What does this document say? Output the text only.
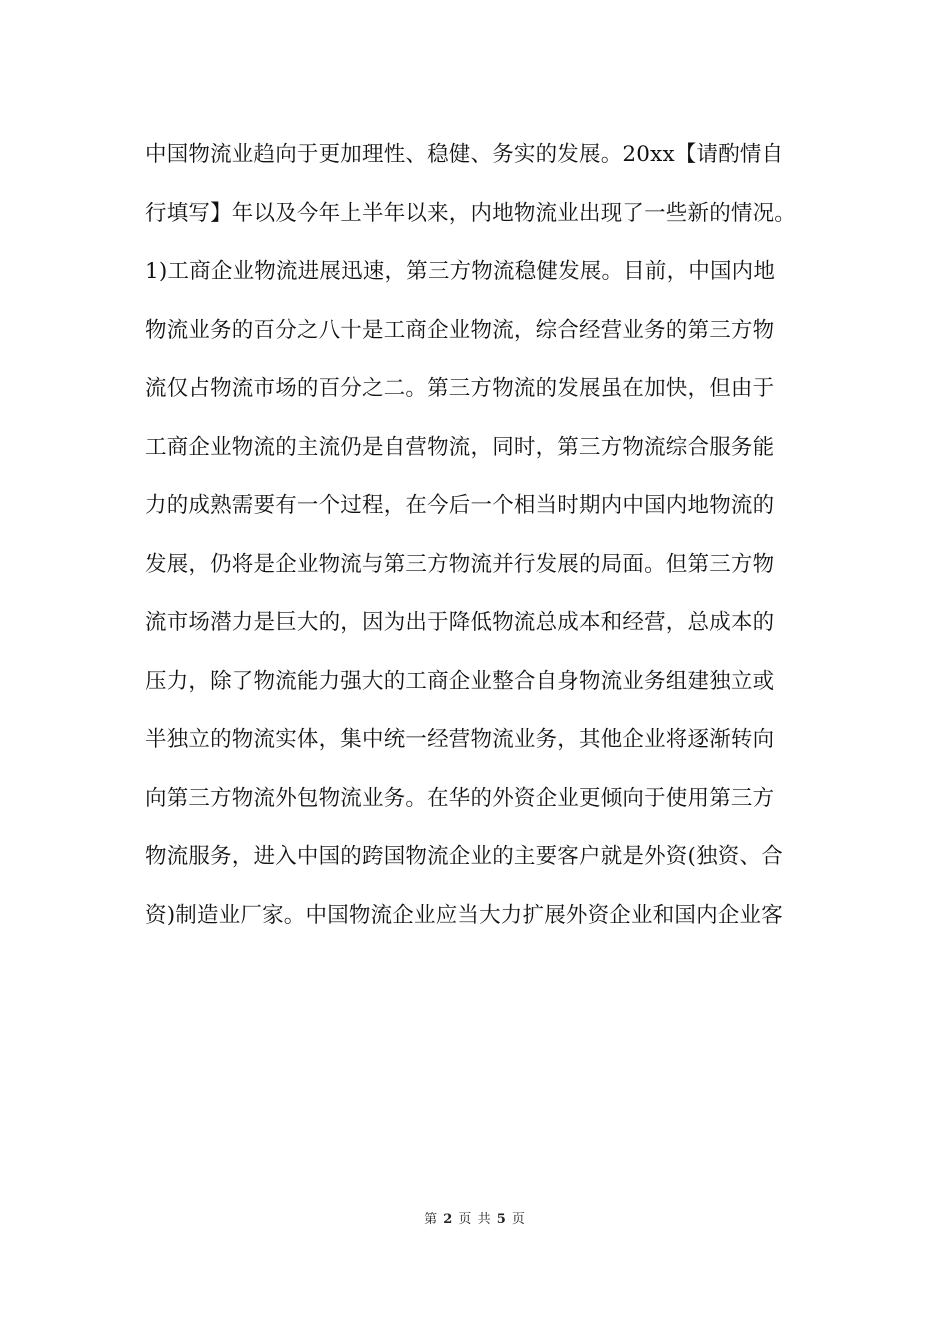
中国物流业趋向于更加理性、稳健、务实的发展。20xx【请酌情自
行填写】年以及今年上半年以来，内地物流业出现了一些新的情况。
1)工商企业物流进展迅速，第三方物流稳健发展。目前，中国内地
物流业务的百分之八十是工商企业物流，综合经营业务的第三方物
流仅占物流市场的百分之二。第三方物流的发展虽在加快，但由于
工商企业物流的主流仍是自营物流，同时，第三方物流综合服务能
力的成熟需要有一个过程，在今后一个相当时期内中国内地物流的
发展，仍将是企业物流与第三方物流并行发展的局面。但第三方物
流市场潜力是巨大的，因为出于降低物流总成本和经营，总成本的
压力，除了物流能力强大的工商企业整合自身物流业务组建独立或
半独立的物流实体，集中统一经营物流业务，其他企业将逐渐转向
向第三方物流外包物流业务。在华的外资企业更倾向于使用第三方
物流服务，进入中国的跨国物流企业的主要客户就是外资(独资、合
资)制造业厂家。中国物流企业应当大力扩展外资企业和国内企业客
第 2 页 共 5 页
